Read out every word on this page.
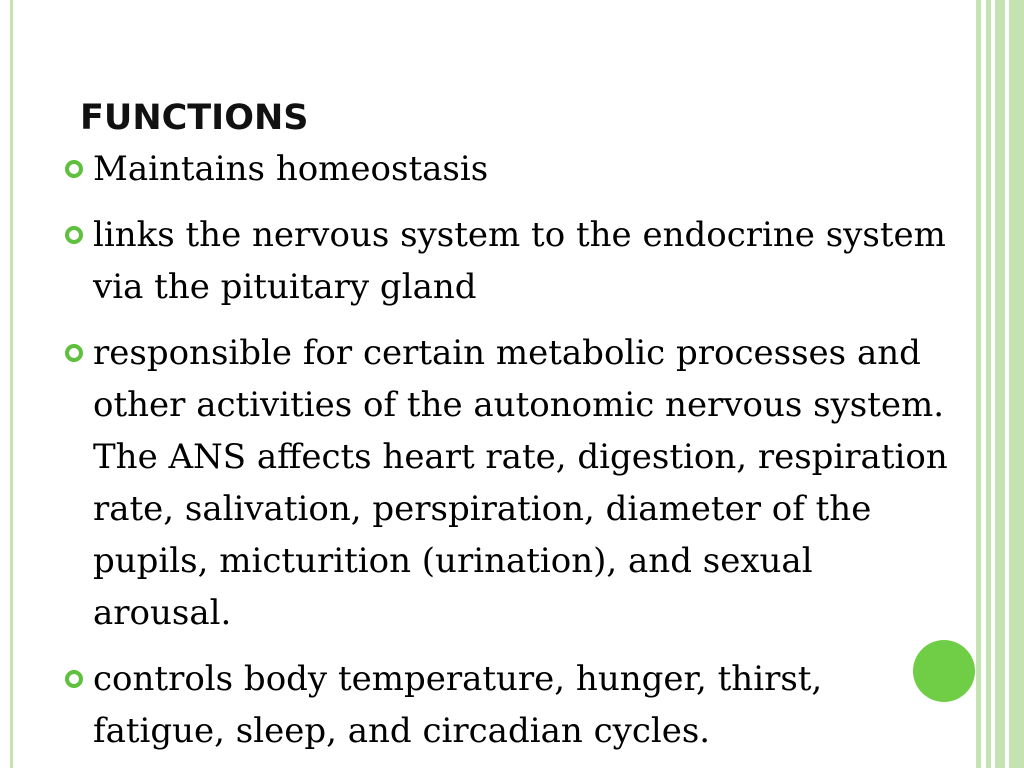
FUNCTIONS
Maintains homeostasis
links the nervous system to the endocrine system via the pituitary gland
responsible for certain metabolic processes and other activities of the autonomic nervous system. The ANS affects heart rate, digestion, respiration rate, salivation, perspiration, diameter of the pupils, micturition (urination), and sexual arousal.
controls body temperature, hunger, thirst, fatigue, sleep, and circadian cycles.
